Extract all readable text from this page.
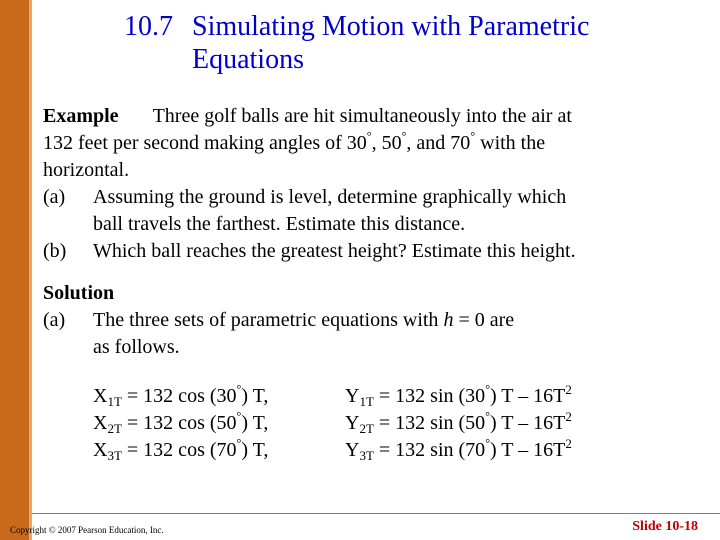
10.7 Simulating Motion with Parametric Equations
Example Three golf balls are hit simultaneously into the air at
132 feet per second making angles of 30°, 50°, and 70° with the
horizontal.
(a) Assuming the ground is level, determine graphically which
ball travels the farthest. Estimate this distance.
(b) Which ball reaches the greatest height? Estimate this height.
Solution
(a) The three sets of parametric equations with h = 0 are
as follows.
$X_{1T} = 132$ cos (30°) T,	$Y_{1T} = 132$ sin (30°) T – $16T^2$
$X_{2T} = 132$ cos (50°) T,	$Y_{2T} = 132$ sin (50°) T – $16T^2$
$X_{3T} = 132$ cos (70°) T,	$Y_{3T} = 132$ sin (70°) T – $16T^2$
Copyright © 2007 Pearson Education, Inc.	Slide 10-18
